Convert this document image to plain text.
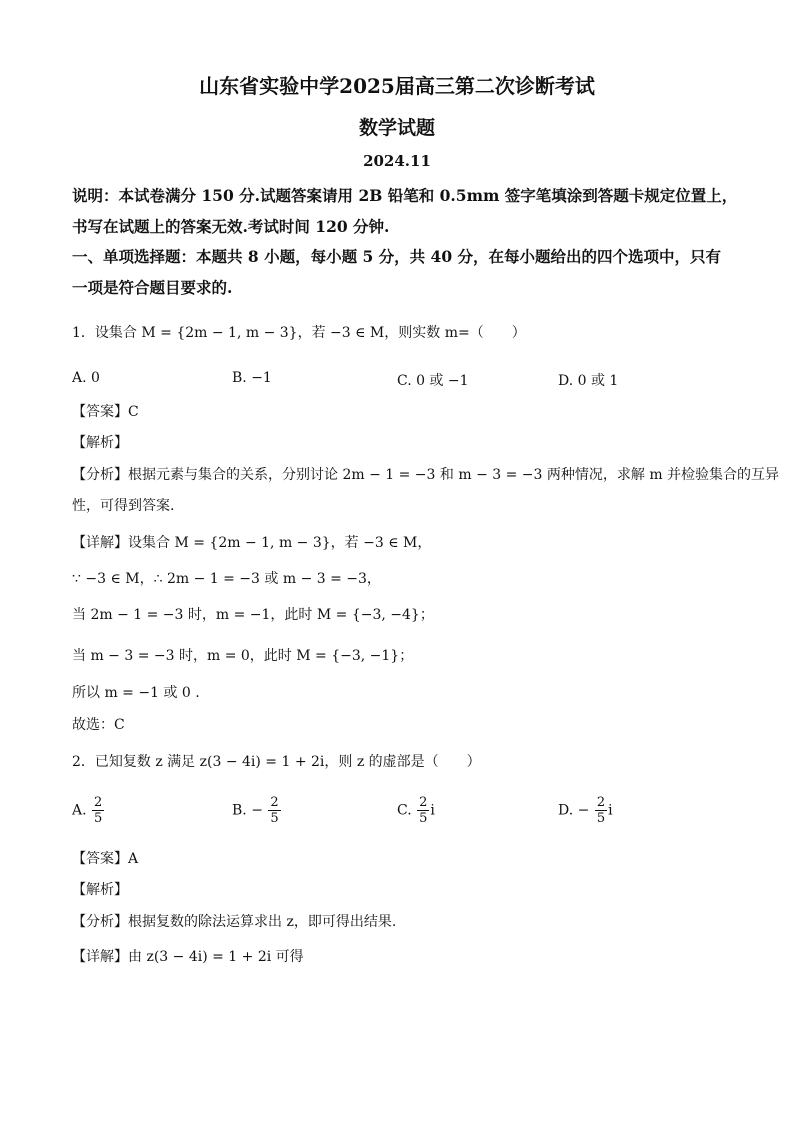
山东省实验中学2025届高三第二次诊断考试
数学试题
2024.11
说明：本试卷满分 150 分.试题答案请用 2B 铅笔和 0.5mm 签字笔填涂到答题卡规定位置上，
书写在试题上的答案无效.考试时间 120 分钟.
一、单项选择题：本题共 8 小题，每小题 5 分，共 40 分，在每小题给出的四个选项中，只有
一项是符合题目要求的.
1．设集合 M = {2m − 1, m − 3}，若 −3 ∈ M，则实数 m=（　　）
A. 0	B. −1	C. 0 或 −1	D. 0 或 1
【答案】C
【解析】
【分析】根据元素与集合的关系，分别讨论 2m − 1 = −3 和 m − 3 = −3 两种情况，求解 m 并检验集合的互异
性，可得到答案.
【详解】设集合 M = {2m − 1, m − 3}，若 −3 ∈ M，
∵ −3 ∈ M，∴ 2m − 1 = −3 或 m − 3 = −3，
当 2m − 1 = −3 时，m = −1，此时 M = {−3, −4}；
当 m − 3 = −3 时，m = 0，此时 M = {−3, −1}；
所以 m = −1 或 0 .
故选：C
2．已知复数 z 满足 z(3 − 4i) = 1 + 2i，则 z 的虚部是（　　）
A. $\frac{2}{5}$	B. − $\frac{2}{5}$	C. $\frac{2}{5}$ i	D. − $\frac{2}{5}$ i
【答案】A
【解析】
【分析】根据复数的除法运算求出 z，即可得出结果.
【详解】由 z(3 − 4i) = 1 + 2i 可得
